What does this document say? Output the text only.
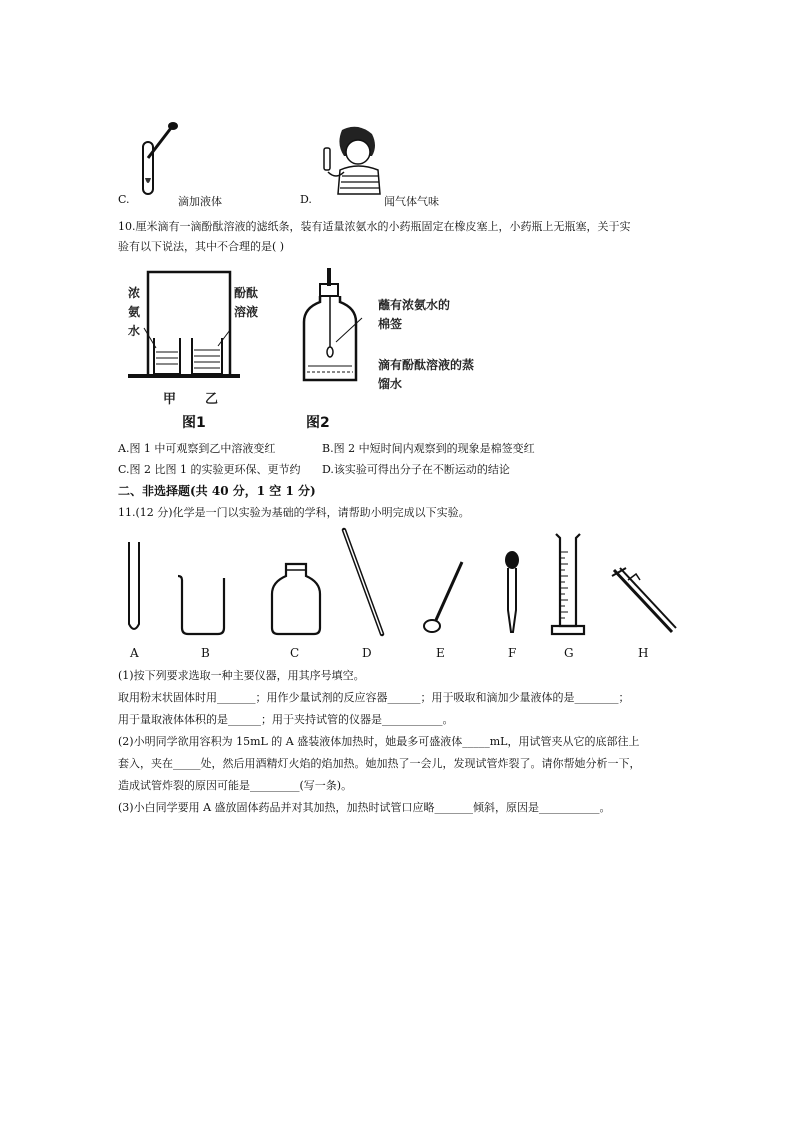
C.	滴加液体	D.	闻气体气味
10.厘米滴有一滴酚酞溶液的滤纸条，装有适量浓氨水的小药瓶固定在橡皮塞上，小药瓶上无瓶塞，关于实
验有以下说法，其中不合理的是( )
浓氨水
酚酞溶液
甲 乙
图1
蘸有浓氨水的棉签
滴有酚酞溶液的蒸馏水
图2
A.图 1 中可观察到乙中溶液变红	B.图 2 中短时间内观察到的现象是棉签变红
C.图 2 比图 1 的实验更环保、更节约 D.该实验可得出分子在不断运动的结论
二、非选择题(共 40 分，1 空 1 分)
11.(12 分)化学是一门以实验为基础的学科，请帮助小明完成以下实验。
A	B	C	D	E	F	G	H
(1)按下列要求选取一种主要仪器，用其序号填空。
取用粉末状固体时用_______；用作少量试剂的反应容器______；用于吸取和滴加少量液体的是________；
用于量取液体体积的是______；用于夹持试管的仪器是___________。
(2)小明同学欲用容积为 15mL 的 A 盛装液体加热时，她最多可盛液体_____mL，用试管夹从它的底部往上
套入，夹在_____处，然后用酒精灯火焰的焰加热。她加热了一会儿，发现试管炸裂了。请你帮她分析一下，
造成试管炸裂的原因可能是_________(写一条)。
(3)小白同学要用 A 盛放固体药品并对其加热，加热时试管口应略_______倾斜，原因是___________。
